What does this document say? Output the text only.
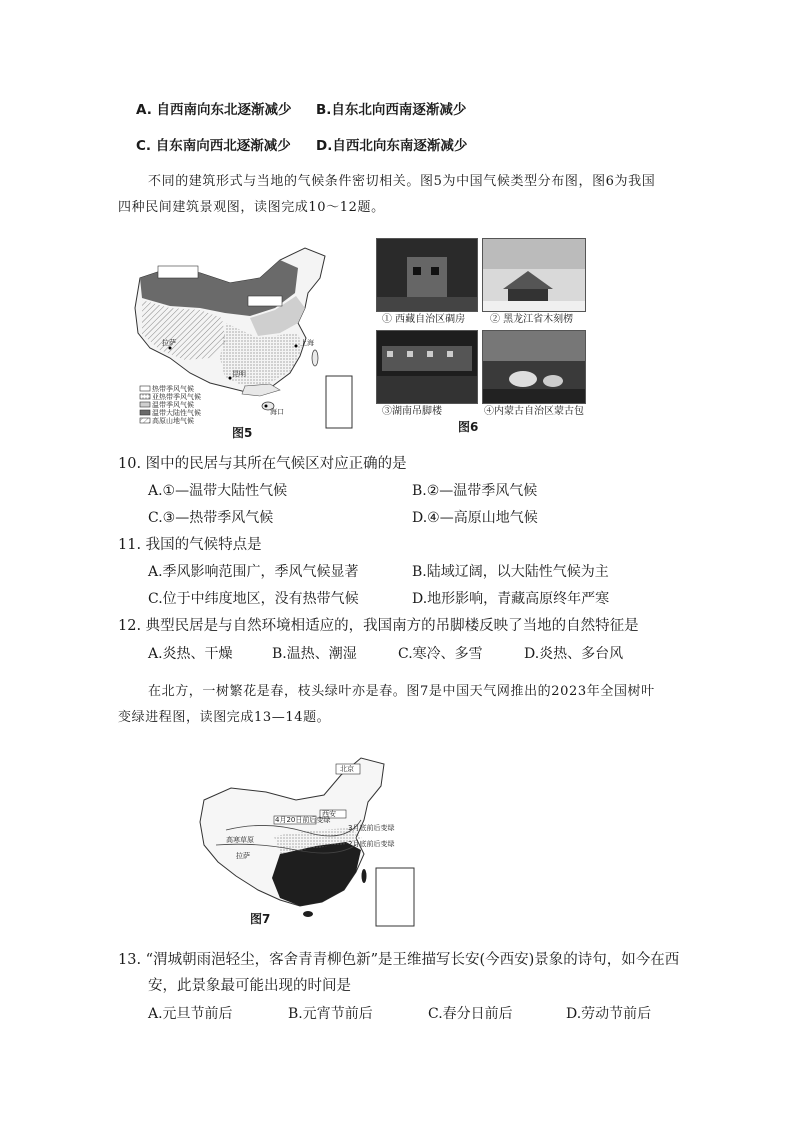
A. 自西南向东北逐渐减少 B.自东北向西南逐渐减少
C. 自东南向西北逐渐减少 D.自西北向东南逐渐减少
不同的建筑形式与当地的气候条件密切相关。图5为中国气候类型分布图，图6为我国
四种民间建筑景观图，读图完成10～12题。
热带季风气候
亚热带季风气候
温带季风气候
温带大陆性气候
高原山地气候
拉萨
昆明
上海
海口
图5
① 西藏自治区碉房 ② 黑龙江省木刻楞
③湖南吊脚楼	④内蒙古自治区蒙古包
图6
10. 图中的民居与其所在气候区对应正确的是
A.①—温带大陆性气候	B.②—温带季风气候
C.③—热带季风气候	D.④—高原山地气候
11. 我国的气候特点是
A.季风影响范围广，季风气候显著	B.陆域辽阔，以大陆性气候为主
C.位于中纬度地区，没有热带气候	D.地形影响，青藏高原终年严寒
12. 典型民居是与自然环境相适应的，我国南方的吊脚楼反映了当地的自然特征是
A.炎热、干燥	B.温热、潮湿	C.寒冷、多雪	D.炎热、多台风
在北方，一树繁花是春，枝头绿叶亦是春。图7是中国天气网推出的2023年全国树叶
变绿进程图，读图完成13—14题。
4月20日前后变绿
3月底前后变绿
2月底前后变绿
高寒草原
拉萨
西安
北京
图7
13. “渭城朝雨浥轻尘，客舍青青柳色新”是王维描写长安(今西安)景象的诗句，如今在西
安，此景象最可能出现的时间是
A.元旦节前后	B.元宵节前后	C.春分日前后	D.劳动节前后
